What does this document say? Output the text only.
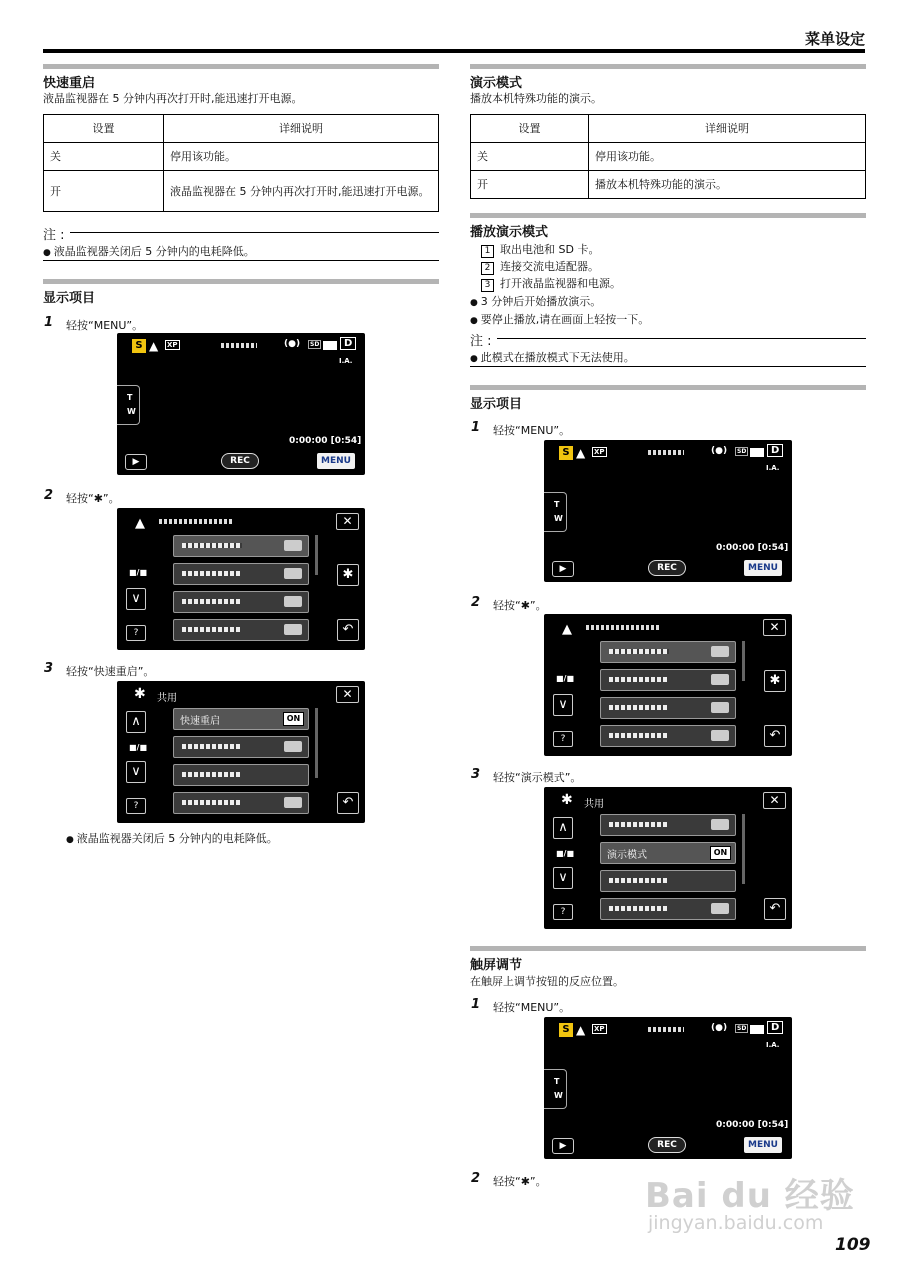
菜单设定
快速重启
液晶监视器在 5 分钟内再次打开时,能迅速打开电源。
设置	详细说明
关	停用该功能。
开	液晶监视器在 5 分钟内再次打开时,能迅速打开电源。
注 :
● 液晶监视器关闭后 5 分钟内的电耗降低。
显示项目
1 轻按“MENU”。
S ▲ XP	(●)	SD	D
I.A.
T
W
0:00:00 [0:54]
▶	REC	MENU
2 轻按“✱”。
▲	✕
■/■
∨
?
✱
↶
3 轻按“快速重启”。
✱ 共用	✕
快速重启	ON
∧
■/■
∨
?	↶
● 液晶监视器关闭后 5 分钟内的电耗降低。
演示模式
播放本机特殊功能的演示。
设置	详细说明
关	停用该功能。
开	播放本机特殊功能的演示。
播放演示模式
1 取出电池和 SD 卡。
2 连接交流电适配器。
3 打开液晶监视器和电源。
● 3 分钟后开始播放演示。
● 要停止播放,请在画面上轻按一下。
注 :
● 此模式在播放模式下无法使用。
显示项目
1 轻按“MENU”。
S ▲ XP	(●)	SD	D
I.A.
T
W
0:00:00 [0:54]
▶	REC	MENU
2 轻按“✱”。
▲	✕
■/■
∨
?
✱
↶
3 轻按“演示模式”。
✱ 共用	✕
演示模式	ON
∧
■/■
∨
?	↶
触屏调节
在触屏上调节按钮的反应位置。
1 轻按“MENU”。
S ▲ XP	(●)	SD	D
I.A.
T
W
0:00:00 [0:54]
▶	REC	MENU
2 轻按“✱”。	Bai du 经验
jingyan.baidu.com
109
